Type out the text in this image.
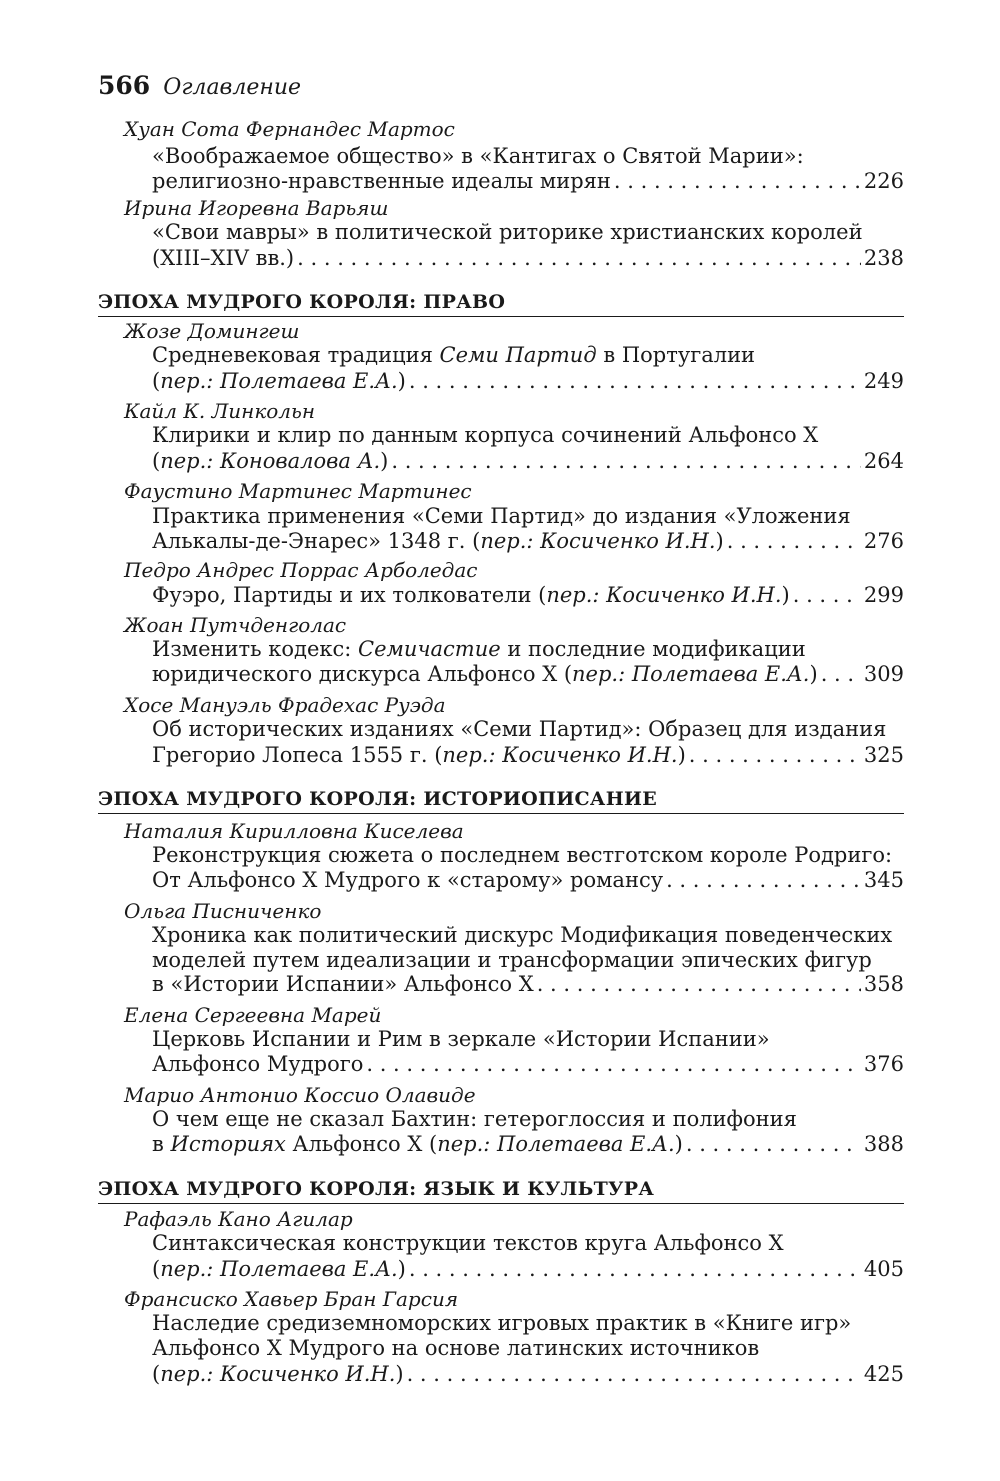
566 Оглавление
Хуан Сота Фернандес Мартос
«Воображаемое общество» в «Кантигах о Святой Марии»:
религиозно-нравственные идеалы мирян . . .	226
Ирина Игоревна Варьяш
«Свои мавры» в политической риторике христианских королей
(XIII–XIV вв.) . . .	238
ЭПОХА МУДРОГО КОРОЛЯ: ПРАВО
Жозе Домингеш
Средневековая традиция Семи Партид в Португалии
(пер.: Полетаева Е.А.) . . .	249
Кайл К. Линкольн
Клирики и клир по данным корпуса сочинений Альфонсо X
(пер.: Коновалова А.) . . .	264
Фаустино Мартинес Мартинес
Практика применения «Семи Партид» до издания «Уложения
Алькалы-де-Энарес» 1348 г. (пер.: Косиченко И.Н.) . . .	276
Педро Андрес Поррас Арболедас
Фуэро, Партиды и их толкователи (пер.: Косиченко И.Н.) . . .	299
Жоан Путчденголас
Изменить кодекс: Семичастие и последние модификации
юридического дискурса Альфонсо X (пер.: Полетаева Е.А.) . . . 309
Хосе Мануэль Фрадехас Руэда
Об исторических изданиях «Семи Партид»: Образец для издания
Грегорио Лопеса 1555 г. (пер.: Косиченко И.Н.) . . .	325
ЭПОХА МУДРОГО КОРОЛЯ: ИСТОРИОПИСАНИЕ
Наталия Кирилловна Киселева
Реконструкция сюжета о последнем вестготском короле Родриго:
От Альфонсо X Мудрого к «старому» романсу . . .	345
Ольга Писниченко
Хроника как политический дискурс Модификация поведенческих
моделей путем идеализации и трансформации эпических фигур
в «Истории Испании» Альфонсо X . . .	358
Елена Сергеевна Марей
Церковь Испании и Рим в зеркале «Истории Испании»
Альфонсо Мудрого . . .	376
Марио Антонио Коссио Олавиде
О чем еще не сказал Бахтин: гетероглоссия и полифония
в Историях Альфонсо X (пер.: Полетаева Е.А.) . . .	388
ЭПОХА МУДРОГО КОРОЛЯ: ЯЗЫК И КУЛЬТУРА
Рафаэль Кано Агилар
Синтаксическая конструкции текстов круга Альфонсо X
(пер.: Полетаева Е.А.) . . .	405
Франсиско Хавьер Бран Гарсия
Наследие средиземноморских игровых практик в «Книге игр»
Альфонсо X Мудрого на основе латинских источников
(пер.: Косиченко И.Н.) . . .	425
